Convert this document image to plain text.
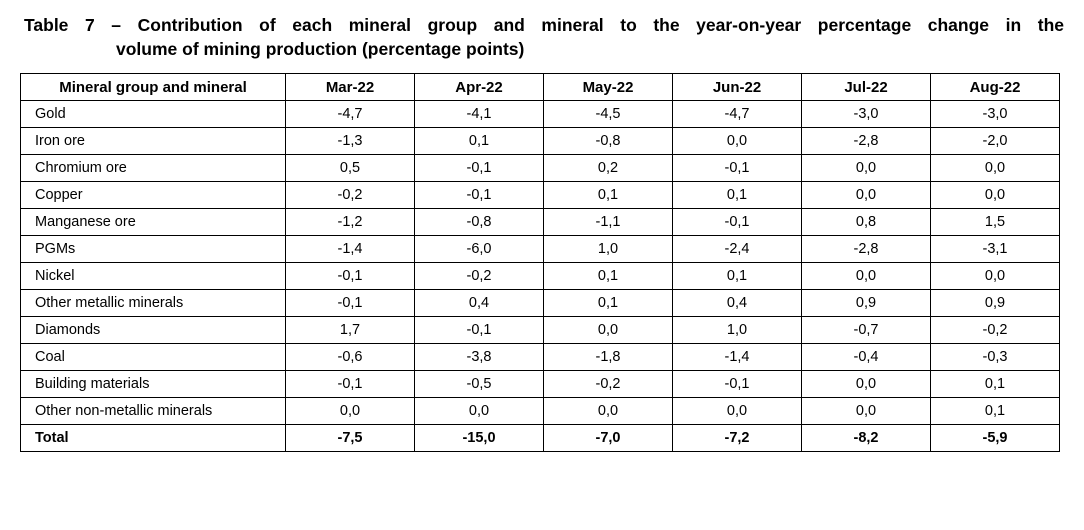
Table 7 – Contribution of each mineral group and mineral to the year-on-year percentage change in the
volume of mining production (percentage points)
Mineral group and mineral	Mar-22	Apr-22	May-22	Jun-22	Jul-22	Aug-22
Gold	-4,7	-4,1	-4,5	-4,7	-3,0	-3,0
Iron ore	-1,3	0,1	-0,8	0,0	-2,8	-2,0
Chromium ore	0,5	-0,1	0,2	-0,1	0,0	0,0
Copper	-0,2	-0,1	0,1	0,1	0,0	0,0
Manganese ore	-1,2	-0,8	-1,1	-0,1	0,8	1,5
PGMs	-1,4	-6,0	1,0	-2,4	-2,8	-3,1
Nickel	-0,1	-0,2	0,1	0,1	0,0	0,0
Other metallic minerals	-0,1	0,4	0,1	0,4	0,9	0,9
Diamonds	1,7	-0,1	0,0	1,0	-0,7	-0,2
Coal	-0,6	-3,8	-1,8	-1,4	-0,4	-0,3
Building materials	-0,1	-0,5	-0,2	-0,1	0,0	0,1
Other non-metallic minerals	0,0	0,0	0,0	0,0	0,0	0,1
Total	-7,5	-15,0	-7,0	-7,2	-8,2	-5,9
